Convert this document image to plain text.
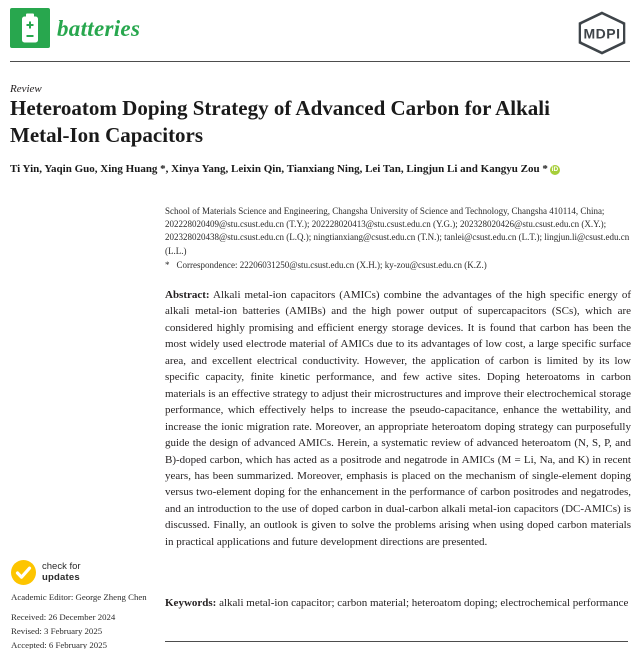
batteries	MDPI
Review
Heteroatom Doping Strategy of Advanced Carbon for Alkali Metal-Ion Capacitors
Ti Yin, Yaqin Guo, Xing Huang *, Xinya Yang, Leixin Qin, Tianxiang Ning, Lei Tan, Lingjun Li and Kangyu Zou * iD
School of Materials Science and Engineering, Changsha University of Science and Technology, Changsha 410114, China; 202228020409@stu.csust.edu.cn (T.Y.); 202228020413@stu.csust.edu.cn (Y.G.); 202328020426@stu.csust.edu.cn (X.Y.); 202328020438@stu.csust.edu.cn (L.Q.); ningtianxiang@csust.edu.cn (T.N.); tanlei@csust.edu.cn (L.T.); lingjun.li@csust.edu.cn (L.L.)
* Correspondence: 22206031250@stu.csust.edu.cn (X.H.); ky-zou@csust.edu.cn (K.Z.)
Abstract: Alkali metal-ion capacitors (AMICs) combine the advantages of the high specific energy of alkali metal-ion batteries (AMIBs) and the high power output of supercapacitors (SCs), which are considered highly promising and efficient energy storage devices. It is found that carbon has been the most widely used electrode material of AMICs due to its advantages of low cost, a large specific surface area, and excellent electrical conductivity. However, the application of carbon is limited by its low specific capacity, finite kinetic performance, and few active sites. Doping heteroatoms in carbon materials is an effective strategy to adjust their microstructures and improve their electrochemical storage performance, which effectively helps to increase the pseudo-capacitance, enhance the wettability, and increase the ionic migration rate. Moreover, an appropriate heteroatom doping strategy can purposefully guide the design of advanced AMICs. Herein, a systematic review of advanced heteroatom (N, S, P, and B)-doped carbon, which has acted as a positrode and negatrode in AMICs (M = Li, Na, and K) in recent years, has been summarized. Moreover, emphasis is placed on the mechanism of single-element doping versus two-element doping for the enhancement in the performance of carbon positrodes and negatrodes, and an introduction to the use of doped carbon in dual-carbon alkali metal-ion capacitors (DC-AMICs) is discussed. Finally, an outlook is given to solve the problems arising when using doped carbon materials in practical applications and future development directions are presented.
Keywords: alkali metal-ion capacitor; carbon material; heteroatom doping; electrochemical performance
check for
updates
Academic Editor: George Zheng Chen
Received: 26 December 2024
Revised: 3 February 2025
Accepted: 6 February 2025
